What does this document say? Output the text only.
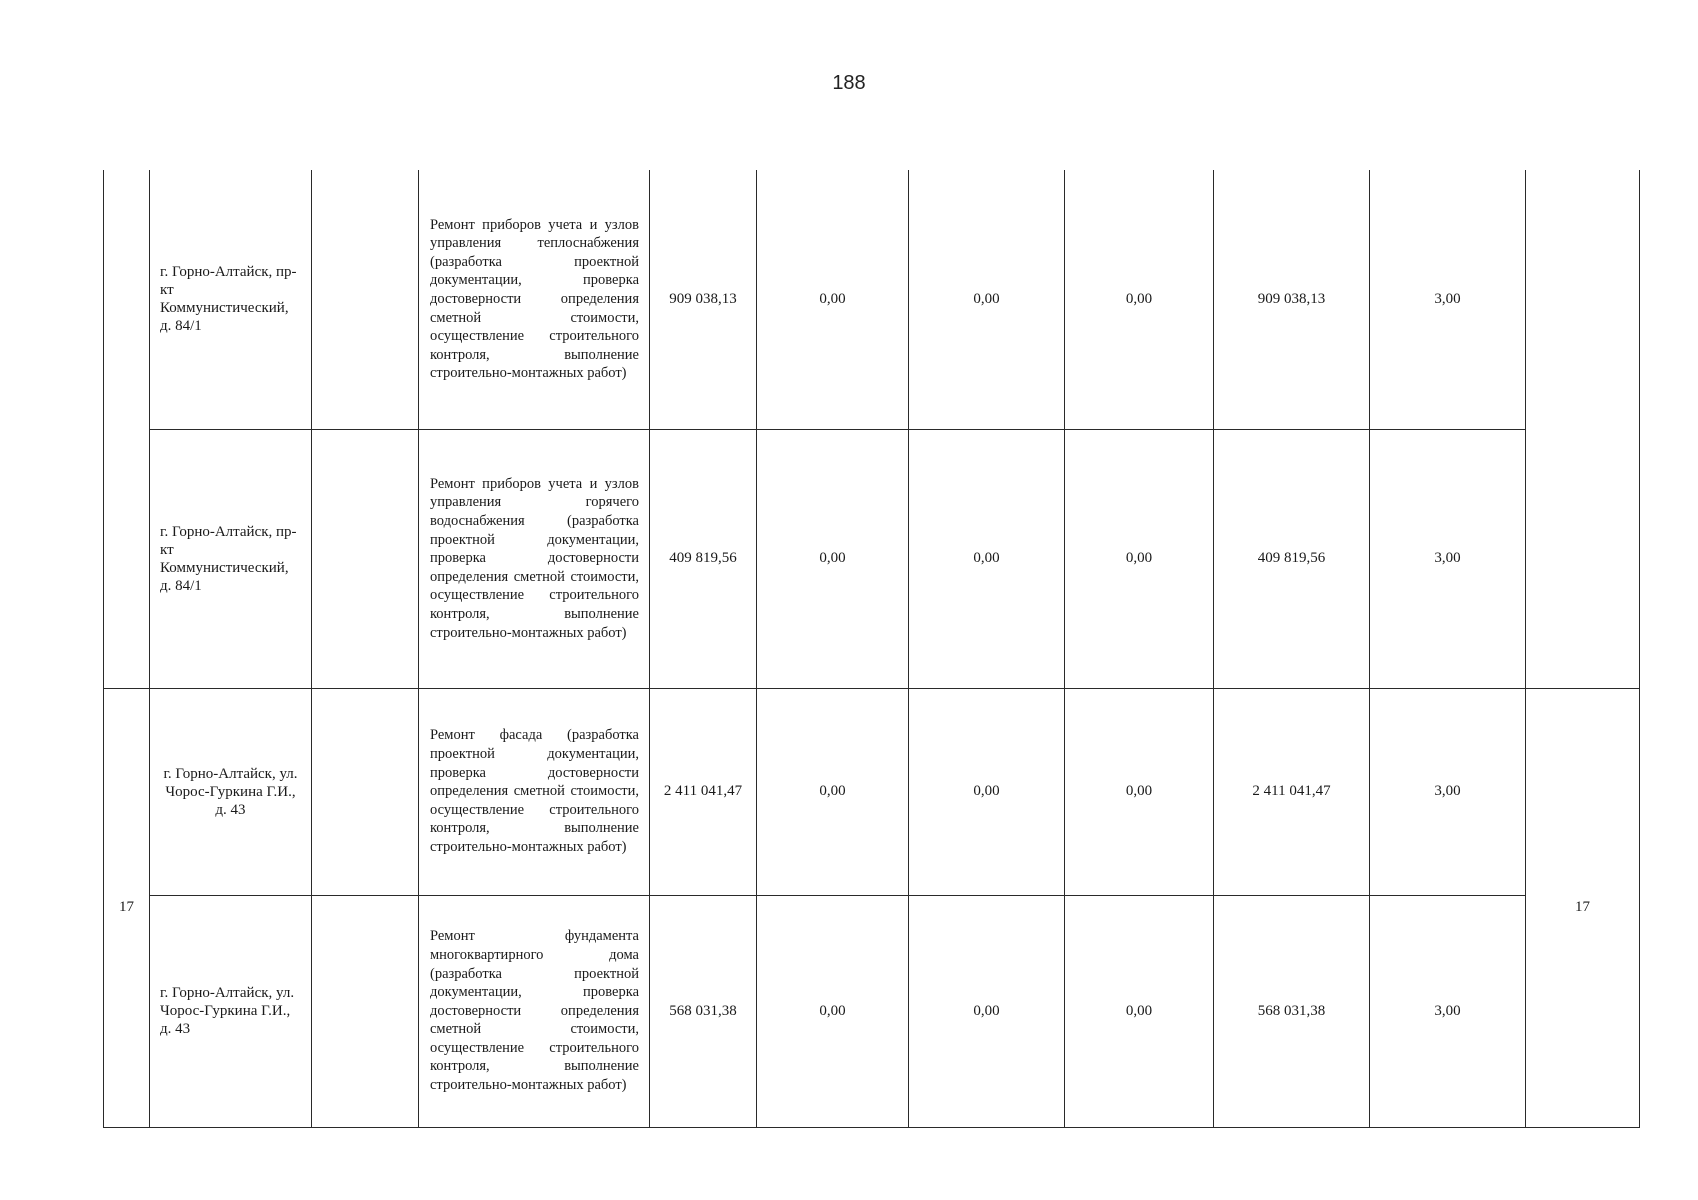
188
	г. Горно-Алтайск, пр-кт Коммунистический, д. 84/1		Ремонт приборов учета и узлов управления теплоснабжения (разработка проектной документации, проверка достоверности определения сметной стоимости, осуществление строительного контроля, выполнение строительно-монтажных работ)	909 038,13	0,00	0,00	0,00	909 038,13	3,00	
	г. Горно-Алтайск, пр-кт Коммунистический, д. 84/1		Ремонт приборов учета и узлов управления горячего водоснабжения (разработка проектной документации, проверка достоверности определения сметной стоимости, осуществление строительного контроля, выполнение строительно-монтажных работ)	409 819,56	0,00	0,00	0,00	409 819,56	3,00	
17	г. Горно-Алтайск, ул. Чорос-Гуркина Г.И., д. 43		Ремонт фасада (разработка проектной документации, проверка достоверности определения сметной стоимости, осуществление строительного контроля, выполнение строительно-монтажных работ)	2 411 041,47	0,00	0,00	0,00	2 411 041,47	3,00	17
	г. Горно-Алтайск, ул. Чорос-Гуркина Г.И., д. 43		Ремонт фундамента многоквартирного дома (разработка проектной документации, проверка достоверности определения сметной стоимости, осуществление строительного контроля, выполнение строительно-монтажных работ)	568 031,38	0,00	0,00	0,00	568 031,38	3,00	
